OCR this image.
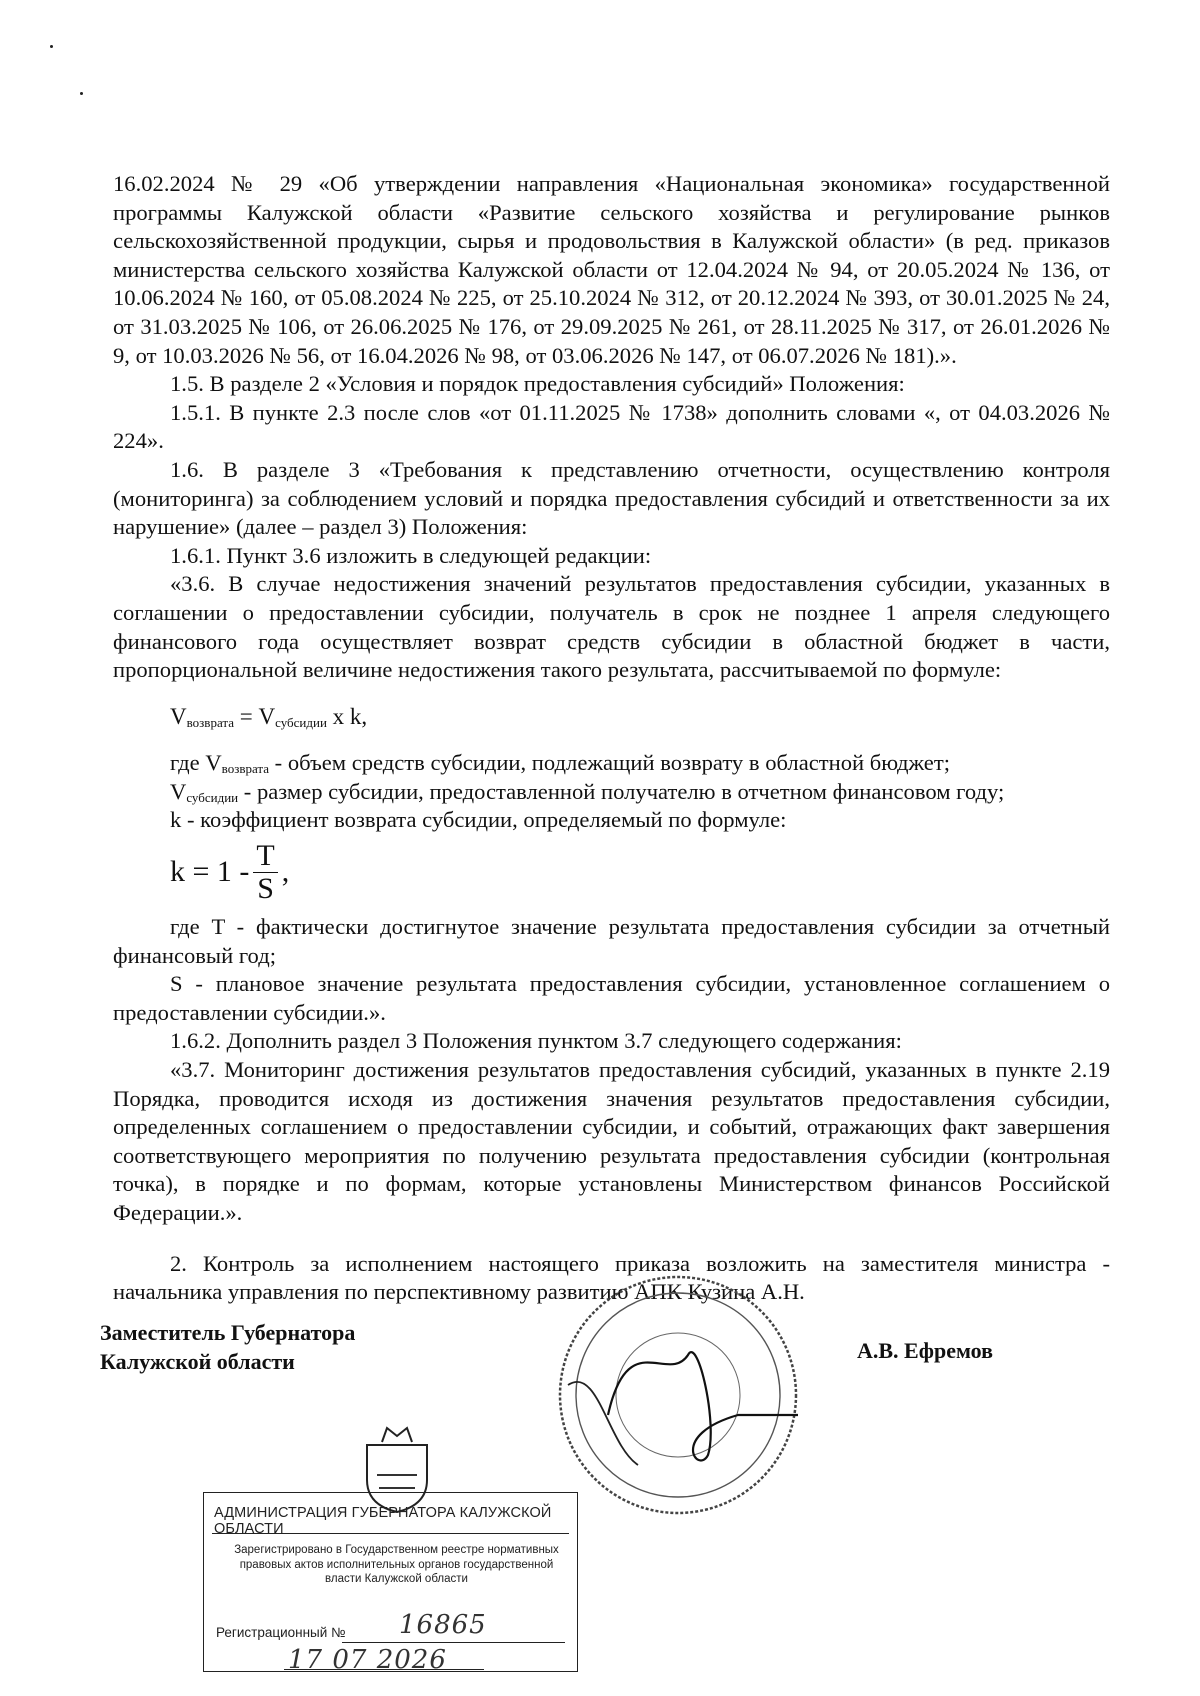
16.02.2024 № 29 «Об утверждении направления «Национальная экономика» государственной программы Калужской области «Развитие сельского хозяйства и регулирование рынков сельскохозяйственной продукции, сырья и продовольствия в Калужской области» (в ред. приказов министерства сельского хозяйства Калужской области от 12.04.2024 № 94, от 20.05.2024 № 136, от 10.06.2024 № 160, от 05.08.2024 № 225, от 25.10.2024 № 312, от 20.12.2024 № 393, от 30.01.2025 № 24, от 31.03.2025 № 106, от 26.06.2025 № 176, от 29.09.2025 № 261, от 28.11.2025 № 317, от 26.01.2026 № 9, от 10.03.2026 № 56, от 16.04.2026 № 98, от 03.06.2026 № 147, от 06.07.2026 № 181).».

1.5. В разделе 2 «Условия и порядок предоставления субсидий» Положения:

1.5.1. В пункте 2.3 после слов «от 01.11.2025 № 1738» дополнить словами «, от 04.03.2026 № 224».

1.6. В разделе 3 «Требования к представлению отчетности, осуществлению контроля (мониторинга) за соблюдением условий и порядка предоставления субсидий и ответственности за их нарушение» (далее – раздел 3) Положения:

1.6.1. Пункт 3.6 изложить в следующей редакции:

«3.6. В случае недостижения значений результатов предоставления субсидии, указанных в соглашении о предоставлении субсидии, получатель в срок не позднее 1 апреля следующего финансового года осуществляет возврат средств субсидии в областной бюджет в части, пропорциональной величине недостижения такого результата, рассчитываемой по формуле:

$V_{возврата} = V_{субсидии}$ x k,

где $V_{возврата}$ - объем средств субсидии, подлежащий возврату в областной бюджет;

$V_{субсидии}$ - размер субсидии, предоставленной получателю в отчетном финансовом году;

k - коэффициент возврата субсидии, определяемый по формуле:

$k = 1 - \frac{T}{S}$ ,

где T - фактически достигнутое значение результата предоставления субсидии за отчетный финансовый год;

S - плановое значение результата предоставления субсидии, установленное соглашением о предоставлении субсидии.».

1.6.2. Дополнить раздел 3 Положения пунктом 3.7 следующего содержания:

«3.7. Мониторинг достижения результатов предоставления субсидий, указанных в пункте 2.19 Порядка, проводится исходя из достижения значения результатов предоставления субсидии, определенных соглашением о предоставлении субсидии, и событий, отражающих факт завершения соответствующего мероприятия по получению результата предоставления субсидии (контрольная точка), в порядке и по формам, которые установлены Министерством финансов Российской Федерации.».

2. Контроль за исполнением настоящего приказа возложить на заместителя министра - начальника управления по перспективному развитию АПК Кузина А.Н.

Заместитель Губернатора
Калужской области	А.В. Ефремов
АДМИНИСТРАЦИЯ ГУБЕРНАТОРА КАЛУЖСКОЙ ОБЛАСТИ
Зарегистрировано в Государственном реестре нормативных правовых актов исполнительных органов государственной власти Калужской области
Регистрационный № 16865
17 07 2026
